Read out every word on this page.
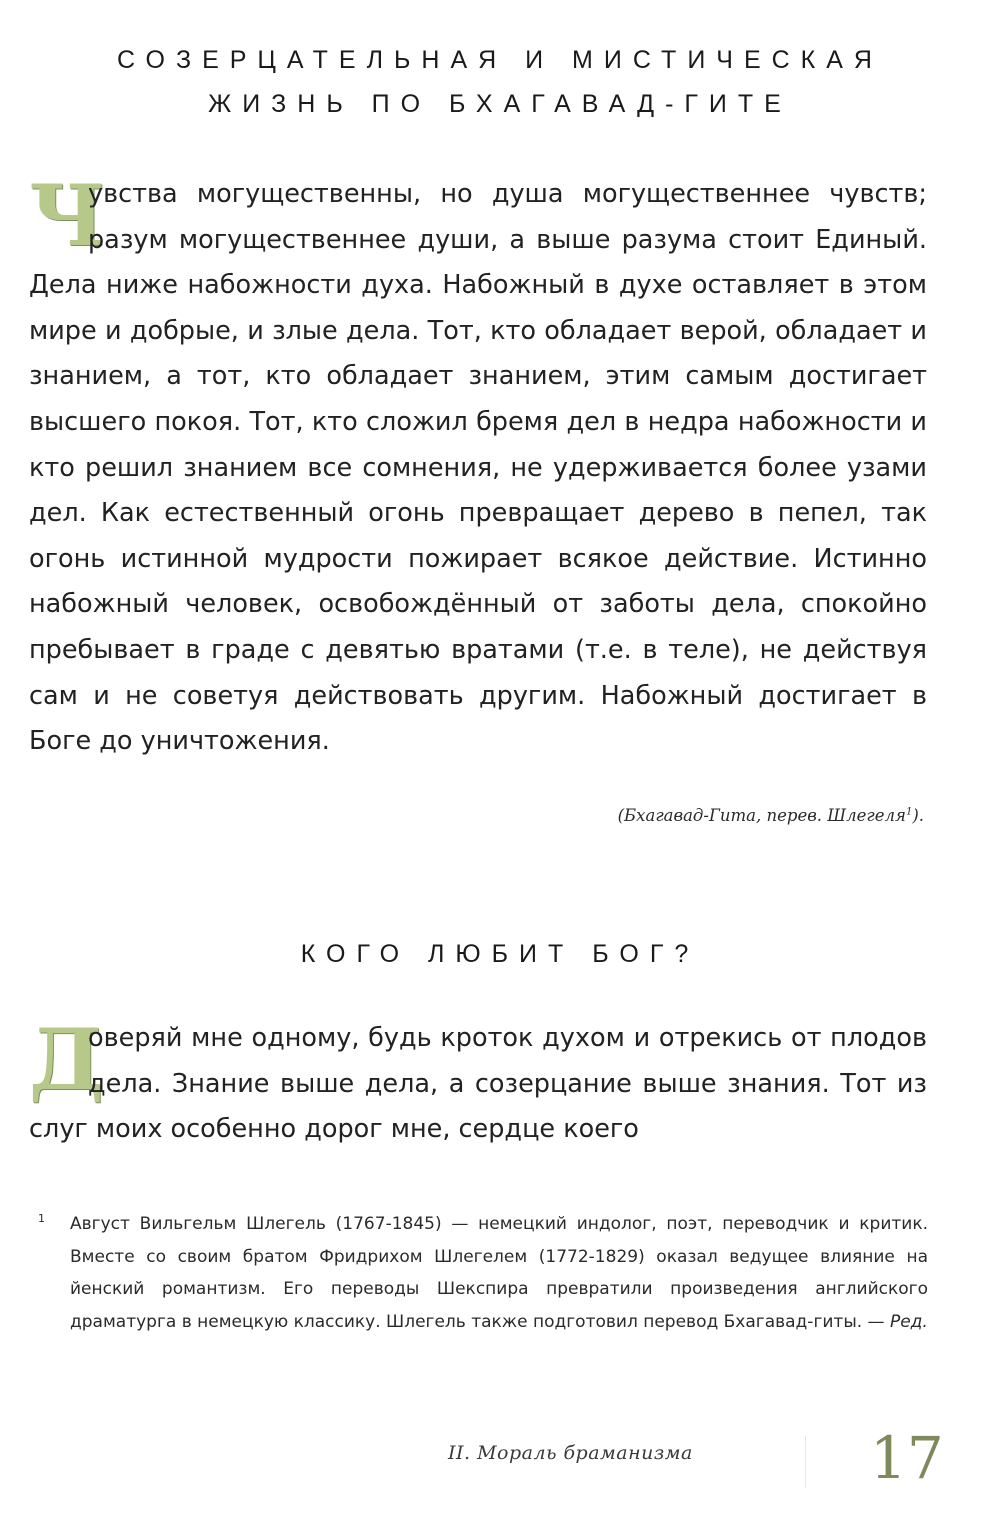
СОЗЕРЦАТЕЛЬНАЯ И МИСТИЧЕСКАЯ
ЖИЗНЬ ПО БХАГАВАД-ГИТЕ

Ч
увства могущественны, но душа могущественнее чувств; разум могущественнее души, а выше разума стоит Единый. Дела ниже набожности духа. Набожный в духе оставляет в этом мире и добрые, и злые дела. Тот, кто обладает верой, обладает и знанием, а тот, кто обладает знанием, этим самым достигает высшего покоя. Тот, кто сложил бремя дел в недра набожности и кто решил знанием все сомнения, не удерживается более узами дел. Как естественный огонь превращает дерево в пепел, так огонь истинной мудрости пожирает всякое действие. Истинно набожный человек, освобождённый от заботы дела, спокойно пребывает в граде с девятью вратами (т.е. в теле), не действуя сам и не советуя действовать другим. Набожный достигает в Боге до уничтожения.

(Бхагавад-Гита, перев. Шлегеля$^1$).
КОГО ЛЮБИТ БОГ?

Д
оверяй мне одному, будь кроток духом и отрекись от плодов дела. Знание выше дела, а созерцание выше знания. Тот из слуг моих особенно дорог мне, сердце коего

1 Август Вильгельм Шлегель (1767-1845) — немецкий индолог, поэт, переводчик и критик. Вместе со своим братом Фридрихом Шлегелем (1772-1829) оказал ведущее влияние на йенский романтизм. Его переводы Шекспира превратили произведения английского драматурга в немецкую классику. Шлегель также подготовил перевод Бхагавад-гиты. — Ред.
II. Мораль браманизма	17
